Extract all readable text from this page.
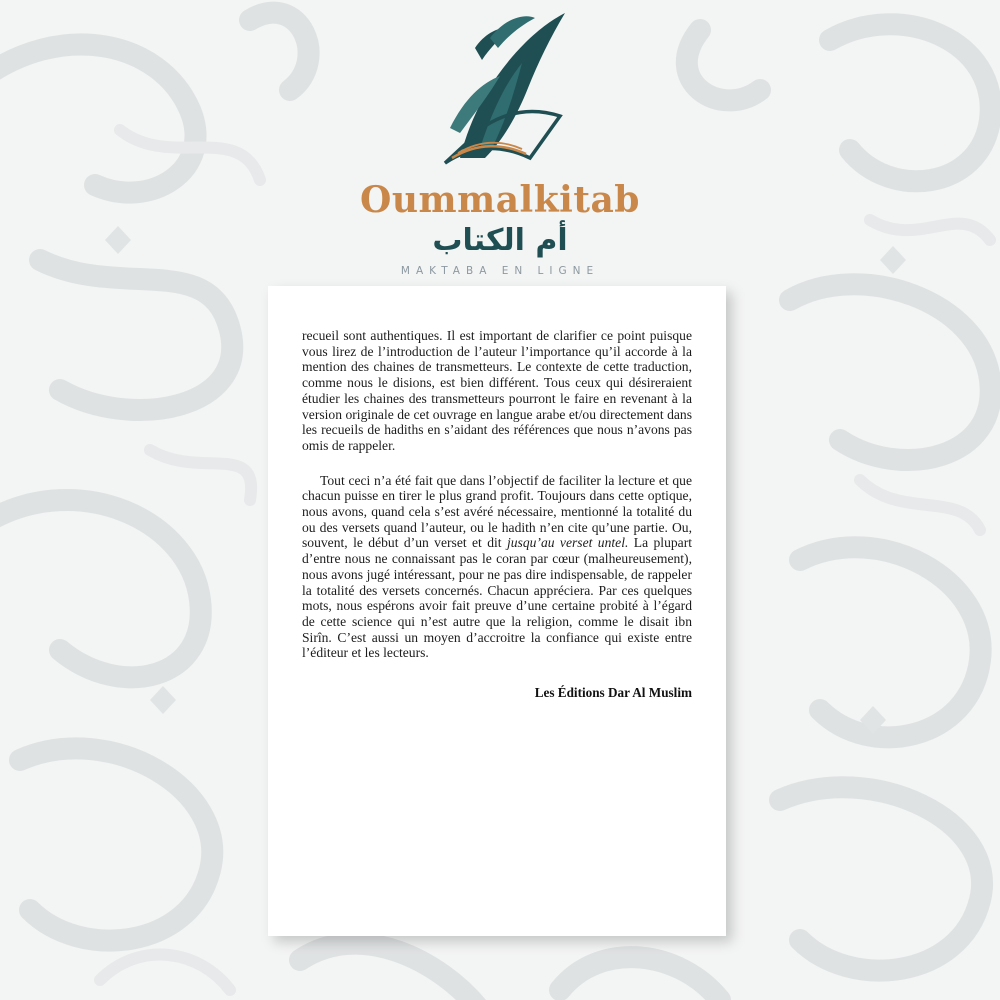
Oummalkitab
أم الكتاب
MAKTABA EN LIGNE

recueil sont authentiques. Il est important de clarifier ce point puisque vous lirez de l’introduction de l’auteur l’importance qu’il accorde à la mention des chaines de transmetteurs. Le contexte de cette traduction, comme nous le disions, est bien différent. Tous ceux qui désireraient étudier les chaines des transmetteurs pourront le faire en revenant à la version originale de cet ouvrage en langue arabe et/ou directement dans les recueils de hadiths en s’aidant des références que nous n’avons pas omis de rappeler.

Tout ceci n’a été fait que dans l’objectif de faciliter la lecture et que chacun puisse en tirer le plus grand profit. Toujours dans cette optique, nous avons, quand cela s’est avéré nécessaire, mentionné la totalité du ou des versets quand l’auteur, ou le hadith n’en cite qu’une partie. Ou, souvent, le début d’un verset et dit jusqu’au verset untel. La plupart d’entre nous ne connaissant pas le coran par cœur (malheureusement), nous avons jugé intéressant, pour ne pas dire indispensable, de rappeler la totalité des versets concernés. Chacun appréciera. Par ces quelques mots, nous espérons avoir fait preuve d’une certaine probité à l’égard de cette science qui n’est autre que la religion, comme le disait ibn Sirîn. C’est aussi un moyen d’accroitre la confiance qui existe entre l’éditeur et les lecteurs.

Les Éditions Dar Al Muslim
